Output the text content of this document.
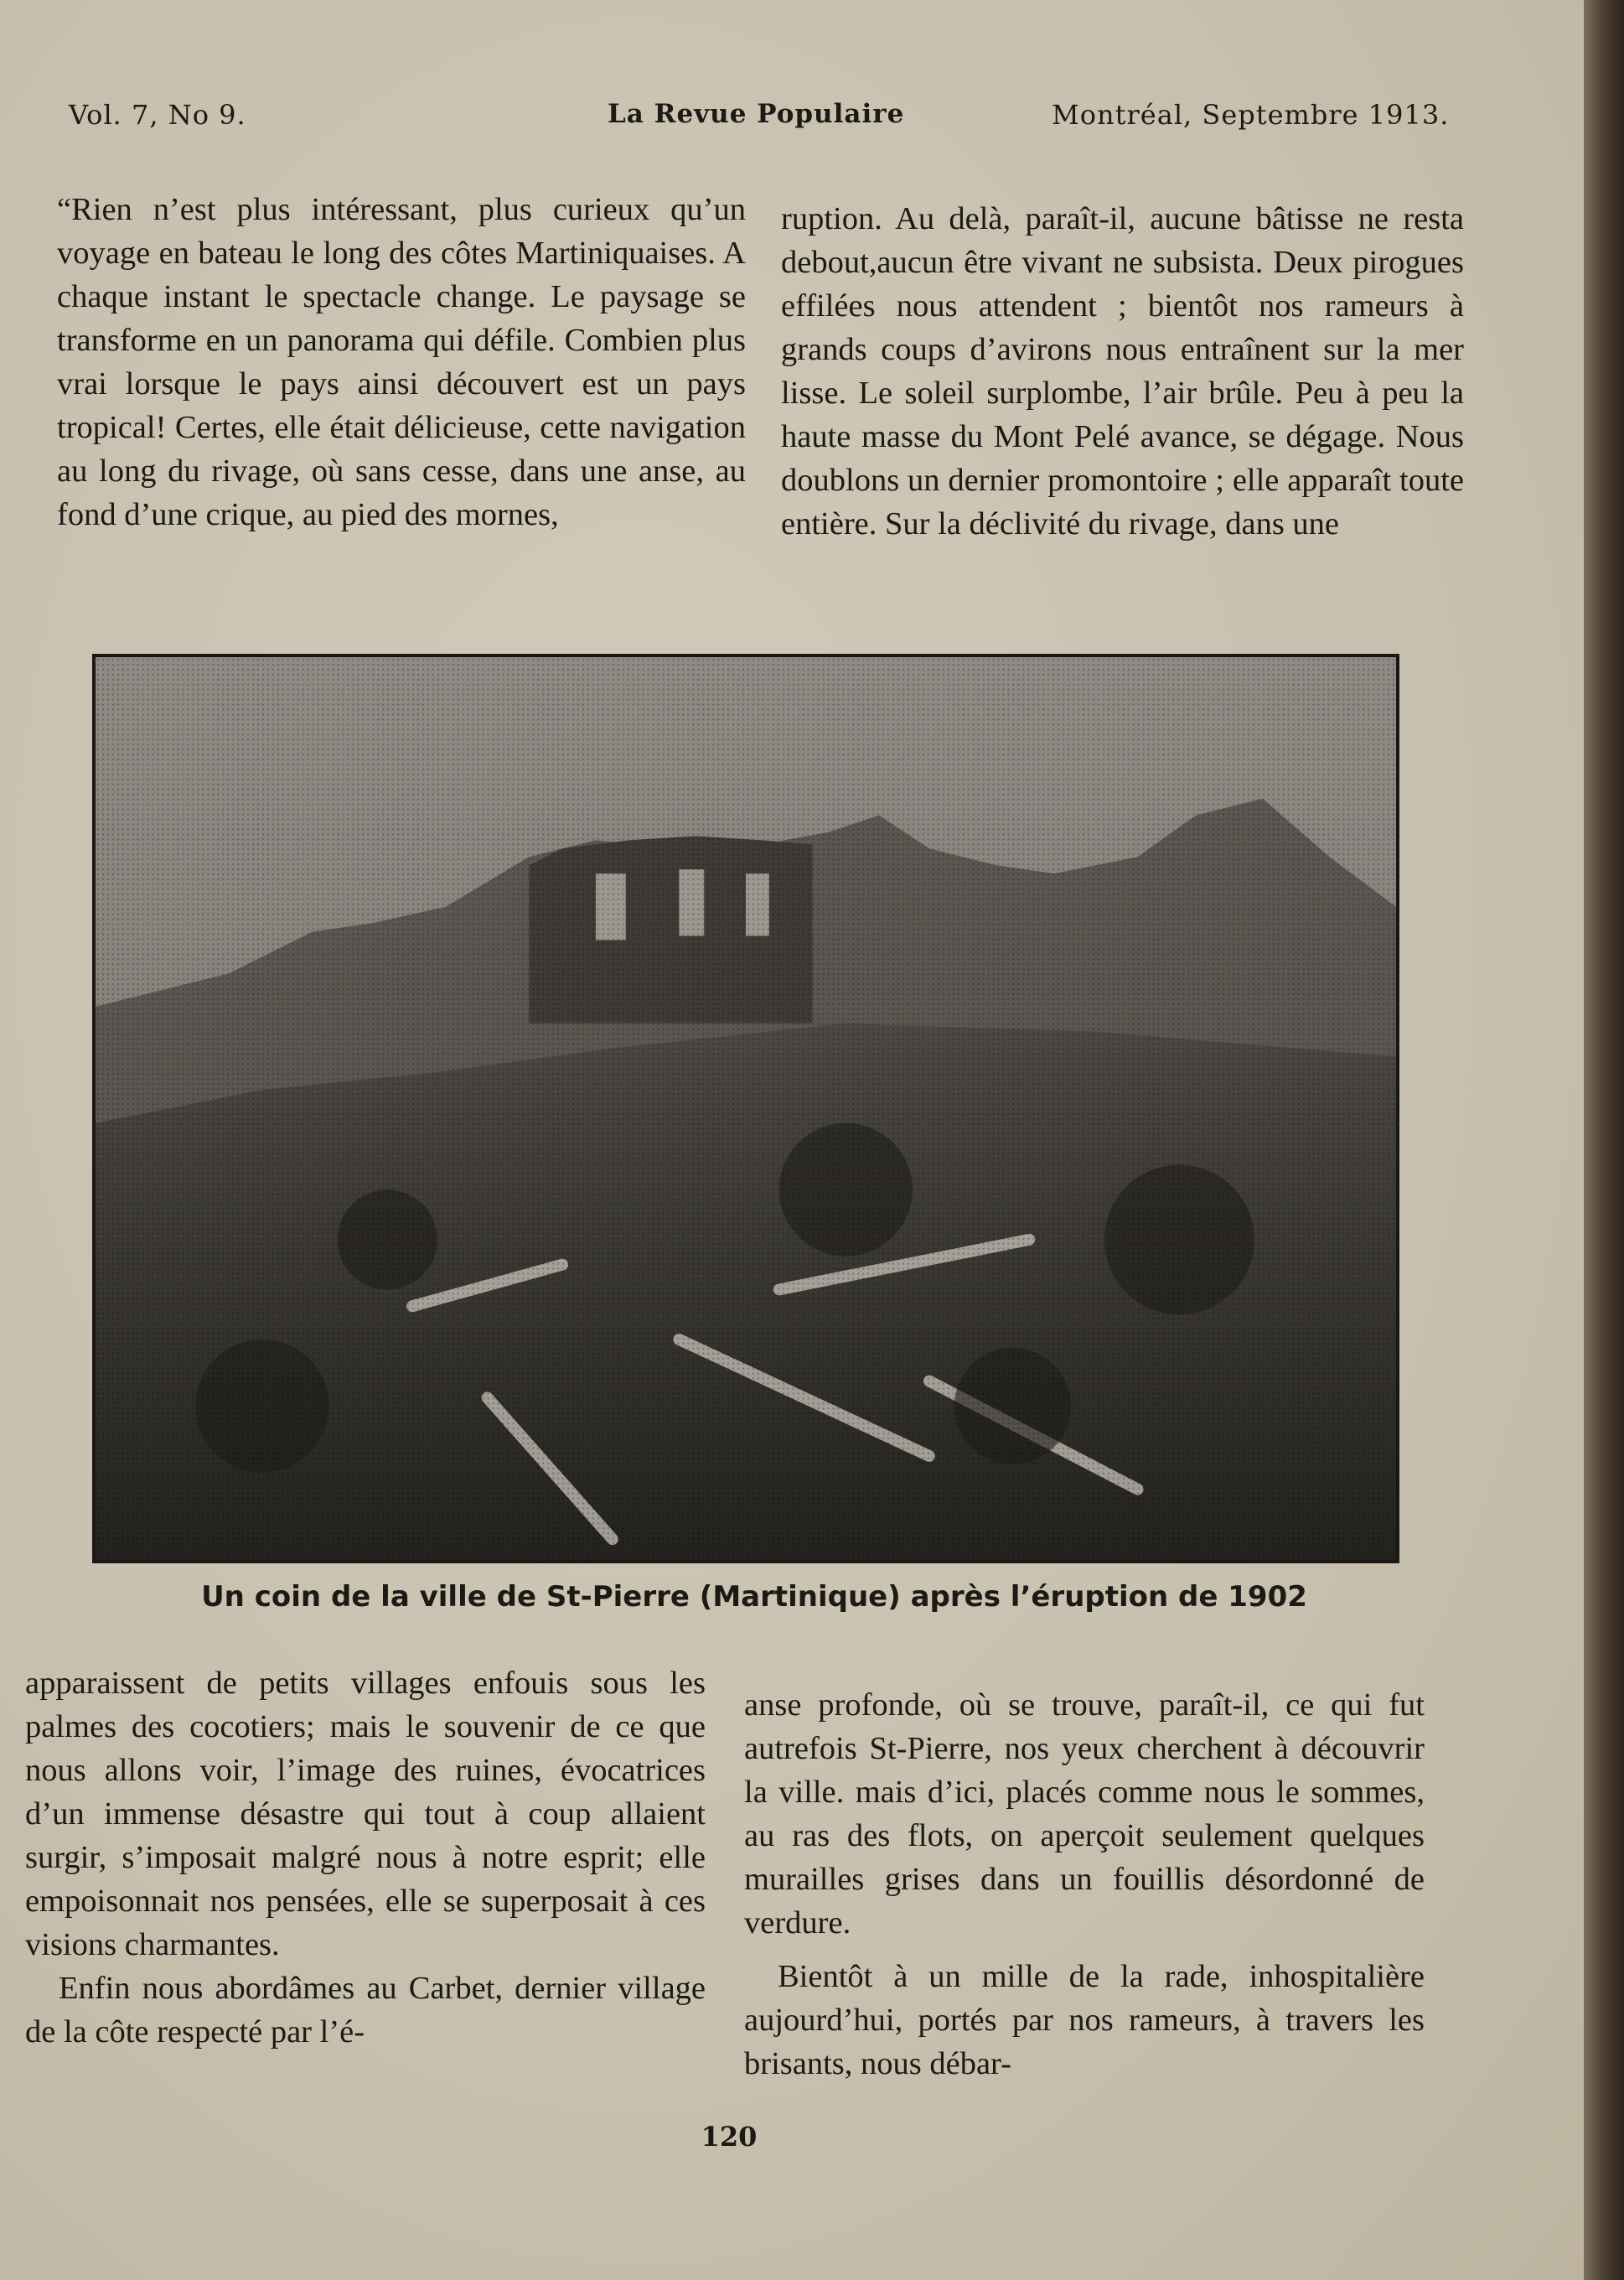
Vol. 7, No 9.	La Revue Populaire	Montréal, Septembre 1913.

“Rien n’est plus intéressant, plus curieux qu’un voyage en bateau le long des côtes Martiniquaises. A chaque instant le spectacle change. Le paysage se transforme en un panorama qui défile. Combien plus vrai lorsque le pays ainsi découvert est un pays tropical! Certes, elle était délicieuse, cette navigation au long du rivage, où sans cesse, dans une anse, au fond d’une crique, au pied des mornes,

ruption. Au delà, paraît-il, aucune bâtisse ne resta debout,aucun être vivant ne subsista. Deux pirogues effilées nous attendent ; bientôt nos rameurs à grands coups d’avirons nous entraînent sur la mer lisse. Le soleil surplombe, l’air brûle. Peu à peu la haute masse du Mont Pelé avance, se dégage. Nous doublons un dernier promontoire ; elle apparaît toute entière. Sur la déclivité du rivage, dans une

Un coin de la ville de St-Pierre (Martinique) après l’éruption de 1902

apparaissent de petits villages enfouis sous les palmes des cocotiers; mais le souvenir de ce que nous allons voir, l’image des ruines, évocatrices d’un immense désastre qui tout à coup allaient surgir, s’imposait malgré nous à notre esprit; elle empoisonnait nos pensées, elle se superposait à ces visions charmantes.

Enfin nous abordâmes au Carbet, dernier village de la côte respecté par l’é-

anse profonde, où se trouve, paraît-il, ce qui fut autrefois St-Pierre, nos yeux cherchent à découvrir la ville. mais d’ici, placés comme nous le sommes, au ras des flots, on aperçoit seulement quelques murailles grises dans un fouillis désordonné de verdure.

Bientôt à un mille de la rade, inhospitalière aujourd’hui, portés par nos rameurs, à travers les brisants, nous débar-

120
